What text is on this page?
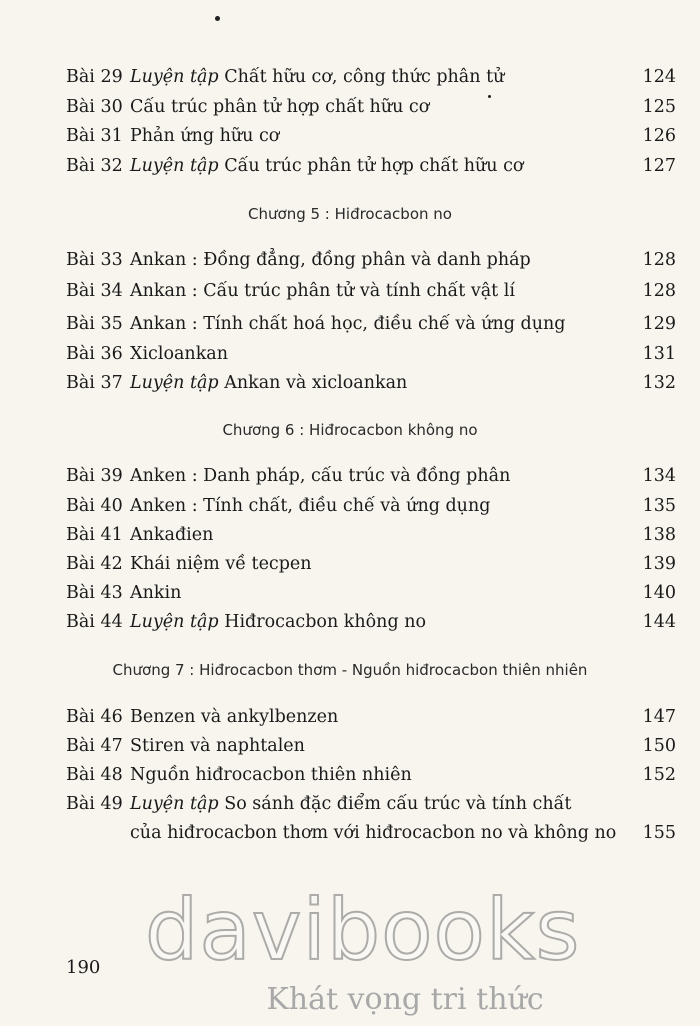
Bài 29 Luyện tập Chất hữu cơ, công thức phân tử	124
Bài 30 Cấu trúc phân tử hợp chất hữu cơ	125
Bài 31 Phản ứng hữu cơ	126
Bài 32 Luyện tập Cấu trúc phân tử hợp chất hữu cơ	127
Chương 5 : Hiđrocacbon no
Bài 33 Ankan : Đồng đẳng, đồng phân và danh pháp	128
Bài 34 Ankan : Cấu trúc phân tử và tính chất vật lí	128
Bài 35 Ankan : Tính chất hoá học, điều chế và ứng dụng	129
Bài 36 Xicloankan	131
Bài 37 Luyện tập Ankan và xicloankan	132
Chương 6 : Hiđrocacbon không no
Bài 39 Anken : Danh pháp, cấu trúc và đồng phân	134
Bài 40 Anken : Tính chất, điều chế và ứng dụng	135
Bài 41 Ankađien	138
Bài 42 Khái niệm về tecpen	139
Bài 43 Ankin	140
Bài 44 Luyện tập Hiđrocacbon không no	144
Chương 7 : Hiđrocacbon thơm - Nguồn hiđrocacbon thiên nhiên
Bài 46 Benzen và ankylbenzen	147
Bài 47 Stiren và naphtalen	150
Bài 48 Nguồn hiđrocacbon thiên nhiên	152
Bài 49 Luyện tập So sánh đặc điểm cấu trúc và tính chất
của hiđrocacbon thơm với hiđrocacbon no và không no 155
190 davibooks
Khát vọng tri thức
